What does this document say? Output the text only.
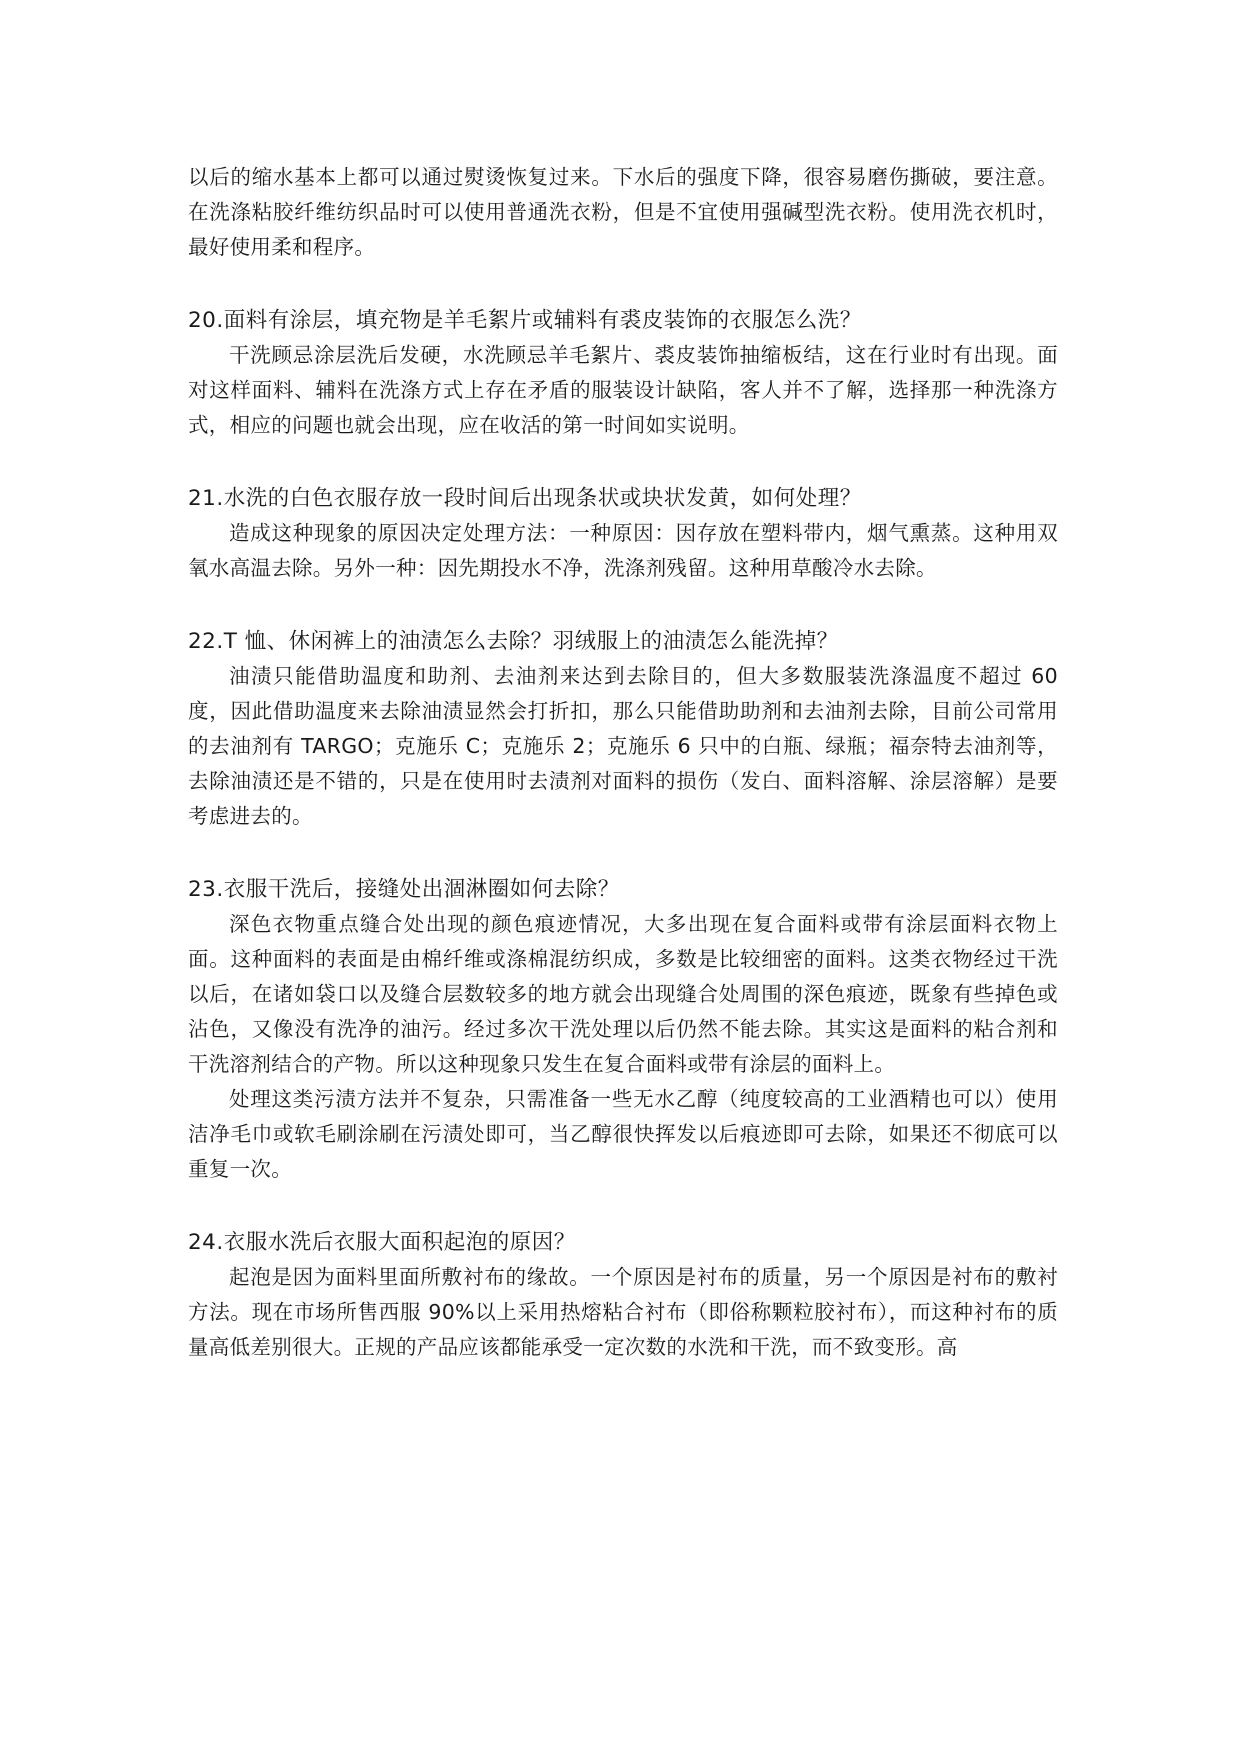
以后的缩水基本上都可以通过熨烫恢复过来。下水后的强度下降，很容易磨伤撕破，要注意。在洗涤粘胶纤维纺织品时可以使用普通洗衣粉，但是不宜使用强碱型洗衣粉。使用洗衣机时，最好使用柔和程序。

20.面料有涂层，填充物是羊毛絮片或辅料有裘皮装饰的衣服怎么洗？

干洗顾忌涂层洗后发硬，水洗顾忌羊毛絮片、裘皮装饰抽缩板结，这在行业时有出现。面对这样面料、辅料在洗涤方式上存在矛盾的服装设计缺陷，客人并不了解，选择那一种洗涤方式，相应的问题也就会出现，应在收活的第一时间如实说明。

21.水洗的白色衣服存放一段时间后出现条状或块状发黄，如何处理？

造成这种现象的原因决定处理方法：一种原因：因存放在塑料带内，烟气熏蒸。这种用双氧水高温去除。另外一种：因先期投水不净，洗涤剂残留。这种用草酸冷水去除。

22.T 恤、休闲裤上的油渍怎么去除？羽绒服上的油渍怎么能洗掉？

油渍只能借助温度和助剂、去油剂来达到去除目的，但大多数服装洗涤温度不超过 60 度，因此借助温度来去除油渍显然会打折扣，那么只能借助助剂和去油剂去除，目前公司常用的去油剂有 TARGO；克施乐 C；克施乐 2；克施乐 6 只中的白瓶、绿瓶；福奈特去油剂等，去除油渍还是不错的，只是在使用时去渍剂对面料的损伤（发白、面料溶解、涂层溶解）是要考虑进去的。

23.衣服干洗后，接缝处出涸淋圈如何去除？

深色衣物重点缝合处出现的颜色痕迹情况，大多出现在复合面料或带有涂层面料衣物上面。这种面料的表面是由棉纤维或涤棉混纺织成，多数是比较细密的面料。这类衣物经过干洗以后，在诸如袋口以及缝合层数较多的地方就会出现缝合处周围的深色痕迹，既象有些掉色或沾色，又像没有洗净的油污。经过多次干洗处理以后仍然不能去除。其实这是面料的粘合剂和干洗溶剂结合的产物。所以这种现象只发生在复合面料或带有涂层的面料上。

处理这类污渍方法并不复杂，只需准备一些无水乙醇（纯度较高的工业酒精也可以）使用洁净毛巾或软毛刷涂刷在污渍处即可，当乙醇很快挥发以后痕迹即可去除，如果还不彻底可以重复一次。

24.衣服水洗后衣服大面积起泡的原因？

起泡是因为面料里面所敷衬布的缘故。一个原因是衬布的质量，另一个原因是衬布的敷衬方法。现在市场所售西服 90%以上采用热熔粘合衬布（即俗称颗粒胶衬布），而这种衬布的质量高低差别很大。正规的产品应该都能承受一定次数的水洗和干洗，而不致变形。高
